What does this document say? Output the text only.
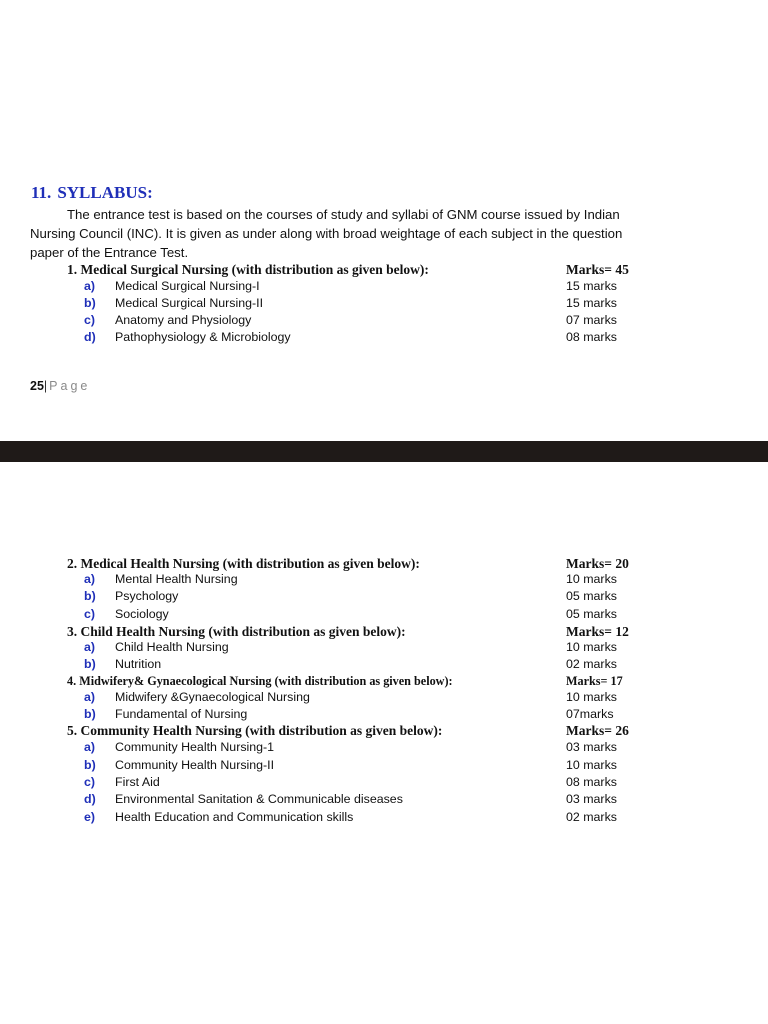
11. SYLLABUS:

The entrance test is based on the courses of study and syllabi of GNM course issued by Indian Nursing Council (INC). It is given as under along with broad weightage of each subject in the question paper of the Entrance Test.

1. Medical Surgical Nursing (with distribution as given below):	Marks= 45
a) Medical Surgical Nursing-I	15 marks
b) Medical Surgical Nursing-II	15 marks
c) Anatomy and Physiology	07 marks
d) Pathophysiology & Microbiology	08 marks
25| Page
2. Medical Health Nursing (with distribution as given below):	Marks= 20
a) Mental Health Nursing	10 marks
b) Psychology	05 marks
c) Sociology	05 marks
3. Child Health Nursing (with distribution as given below):	Marks= 12
a) Child Health Nursing	10 marks
b) Nutrition	02 marks
4. Midwifery& Gynaecological Nursing (with distribution as given below):	Marks= 17
a) Midwifery &Gynaecological Nursing	10 marks
b) Fundamental of Nursing	07marks
5. Community Health Nursing (with distribution as given below):	Marks= 26
a) Community Health Nursing-1	03 marks
b) Community Health Nursing-II	10 marks
c) First Aid	08 marks
d) Environmental Sanitation & Communicable diseases	03 marks
e) Health Education and Communication skills	02 marks
